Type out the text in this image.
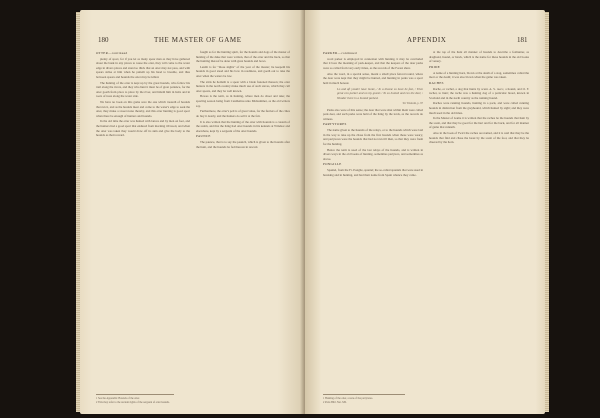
180	THE MASTER OF GAME

OTTER—continued

plenty of sport, for if you let as many spear men as they have gathered about the bank in any places to rouse the otter, they will come to the water edge in divers places and stand so thick that an otter may not pass, and with spears strike at him when he putteth up his head to breathe, and thus between spears and hounds the otter may be killed.

The hunting of the otter is kept up by the great hounds, who follow his trail along the rivers, and they who hunt it must be of great patience, for the otter goeth from place to place by the river, and hideth him in holts and in roots of trees along the water side.

We have no book on this game save the one which treateth of hounds that run it, and as the hounds meet and come to the water's edge to seek the otter, they make a sweet noise thereby, and this otter hunting is good sport when there be enough of hunters and hounds.

In the old time the otter was hunted with lances and by men on foot, and the hunters had a good sport that endured from morning till noon; and when the otter was taken they would draw off its skin and give the body to the hounds as their reward.

fought as for the hunting spirit, for the hounds and dogs of the master of hunting of the duke that were written, that of the otter and the buck, so that the hunting thereof be done with great hounds and bows.

Lendit is for "those nights" of the year of the master; he keepeth his hounds in good stead and his bow in readiness, and goeth out to take the otter when the waters be low.

The stick he holdeth is a spear with a blade fastened thereon; the otter hunters in the north country make much use of such staves, which they call otter spears, and they be well known.

Bowes is the term, as in hunting, where men do shoot and take; the sporting season being from Candlemas unto Midsummer, as the old writers say.

Furthermore, the otter's pelt is of great value, for the furriers of the cities do buy it dearly, and the hunters do sell it at the fair.

It is also written that the hunting of the otter with hounds is a custom of the realm, and that the King had otter hounds in his kennels at Windsor and elsewhere, kept by a sergeant of the otter hounds.

PAUNCE

The paunce, that is to say the paunch, which is given to the hounds after the hunt, and the hounds be fed thereon in reward.

1 See the Appendix: Hounds of the otter.

2 This may refer to the ancient rights of the sergeant of otter hounds.

APPENDIX	181

PARKER—continued

word parker is employed in connexion with hunting, it may be concluded that it bore the meaning of park-keeper, and that the keepers of the deer parks were so called from very early times, as the records of the Forest shew.

Also the word, in a special sense, meant a small place fenced round, where the deer were kept that they might be hunted, and hunting in parks was a sport held in much honour.

Lo and aft yonder lawe hunte, / In a theane so have be fast, / Then great con parker and on my guests / To so hunted and run the deer, / Wooder there in a bunted parked.

Sir Tristrem, p. 97

Parks also were of this sense; the deer that were shut within them were called park deer, and such parks were held of the King by the lords, as the records do witness.

PARTYTORES

The name given to the hounds of the relays, or to the hounds which were laid in the way to take up the chase from the first hounds when these were weary; and partytores were the hounds that had not run till then, so that they were fresh for the hunting.

Hence the term is used of the last relays of the hounds, and is written in divers ways in the old books of hunting, sometimes partytors, and sometimes as above.

PONGILLE

Spaniel, from the Fr. Pongile, spaniel; the so-called spaniels that were used in hawking and in hunting, and had their name from Spain whence they came.

at the top of the hunt all manner of hounds to describe a foxhunter, as draghond, hound, or hawk, which is the name for these hounds in the old books of venery.

PRIDE

A name of a hunting horn, blown at the death of a stag, sometimes called the mort or the death; it was also blown when the game was taken.

RACHES

Rache, or rachel, a dog that hunts by scent. A. S. raecc, a hound, and O. F. racher, to hunt; the rache was a hunting dog of a particular breed, known in Scotland and in the north country as the running hound.

Raches were running hounds, hunting in a pack, and were called running hounds in distinction from the greyhound, which hunted by sight; and they were much used in the old times.

In the Master of Game it is written that the raches be the hounds that hunt by the scent, and that they be good for the hart and for the buck, and for all manner of game that runneth.

Also in the book of Twici the raches are named, and it is said that they be the hounds that find and chase the beast by the scent of the foot, and that they be cheered by the horn.

1 Hunting of the otter, a note of the partytores.

2 Paris Bibl. Nat. MS.
